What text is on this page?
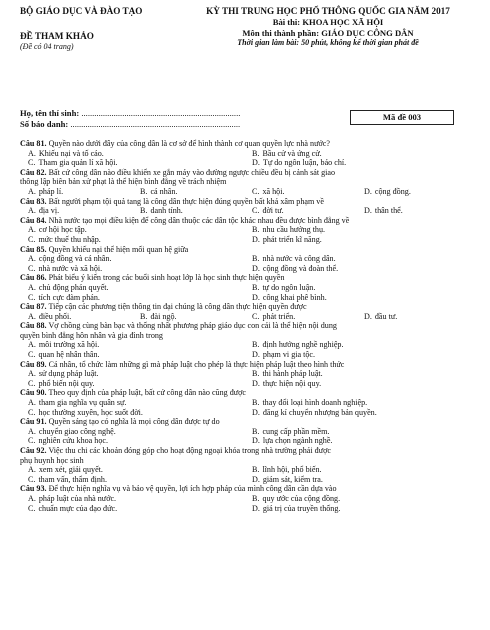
BỘ GIÁO DỤC VÀ ĐÀO TẠO
ĐỀ THAM KHẢO
(Đề có 04 trang)
KỲ THI TRUNG HỌC PHỔ THÔNG QUỐC GIA NĂM 2017
Bài thi: KHOA HỌC XÃ HỘI
Môn thi thành phần: GIÁO DỤC CÔNG DÂN
Thời gian làm bài: 50 phút, không kể thời gian phát đề
Họ, tên thí sinh: ..........................................................................
Số báo danh: ...............................................................................
Mã đề 003
Câu 81. Quyền nào dưới đây của công dân là cơ sở để hình thành cơ quan quyền lực nhà nước?
A. Khiếu nại và tố cáo.	B. Bầu cử và ứng cử.
C. Tham gia quản lí xã hội.	D. Tự do ngôn luận, báo chí.
Câu 82. Bất cứ công dân nào điều khiển xe gắn máy vào đường ngược chiều đều bị cảnh sát giao
thông lập biên bản xử phạt là thể hiện bình đẳng về trách nhiệm
A. pháp lí.	B. cá nhân.	C. xã hội.	D. cộng đồng.
Câu 83. Bất người phạm tội quả tang là công dân thực hiện đúng quyền bất khả xâm phạm về
A. địa vị.	B. danh tính.	C. đời tư.	D. thân thể.
Câu 84. Nhà nước tạo mọi điều kiện để công dân thuộc các dân tộc khác nhau đều được bình đẳng về
A. cơ hội học tập.	B. nhu cầu hưởng thụ.
C. mức thuế thu nhập.	D. phát triển kĩ năng.
Câu 85. Quyền khiếu nại thể hiện mối quan hệ giữa
A. cộng đồng và cá nhân.	B. nhà nước và công dân.
C. nhà nước và xã hội.	D. cộng đồng và đoàn thể.
Câu 86. Phát biểu ý kiến trong các buổi sinh hoạt lớp là học sinh thực hiện quyền
A. chủ động phán quyết.	B. tự do ngôn luận.
C. tích cực đàm phán.	D. công khai phê bình.
Câu 87. Tiếp cận các phương tiện thông tin đại chúng là công dân thực hiện quyền được
A. điều phối.	B. đài ngộ.	C. phát triển.	D. đầu tư.
Câu 88. Vợ chồng cùng bàn bạc và thống nhất phương pháp giáo dục con cái là thể hiện nội dung
quyền bình đẳng hôn nhân và gia đình trong
A. môi trường xã hội.	B. định hướng nghề nghiệp.
C. quan hệ nhân thân.	D. phạm vi gia tộc.
Câu 89. Cá nhân, tổ chức làm những gì mà pháp luật cho phép là thực hiện pháp luật theo hình thức
A. sử dụng pháp luật.	B. thi hành pháp luật.
C. phổ biến nội quy.	D. thực hiện nội quy.
Câu 90. Theo quy định của pháp luật, bất cứ công dân nào cũng được
A. tham gia nghĩa vụ quân sự.	B. thay đổi loại hình doanh nghiệp.
C. học thường xuyên, học suốt đời.	D. đăng kí chuyển nhượng bản quyền.
Câu 91. Quyền sáng tạo có nghĩa là mọi công dân được tự do
A. chuyển giao công nghệ.	B. cung cấp phần mềm.
C. nghiên cứu khoa học.	D. lựa chọn ngành nghề.
Câu 92. Việc thu chi các khoản đóng góp cho hoạt động ngoại khóa trong nhà trường phải được
phụ huynh học sinh
A. xem xét, giải quyết.	B. lĩnh hội, phổ biến.
C. tham vấn, thẩm định.	D. giám sát, kiểm tra.
Câu 93. Để thực hiện nghĩa vụ và bảo vệ quyền, lợi ích hợp pháp của mình công dân cần dựa vào
A. pháp luật của nhà nước.	B. quy ước của cộng đồng.
C. chuẩn mực của đạo đức.	D. giá trị của truyền thống.
